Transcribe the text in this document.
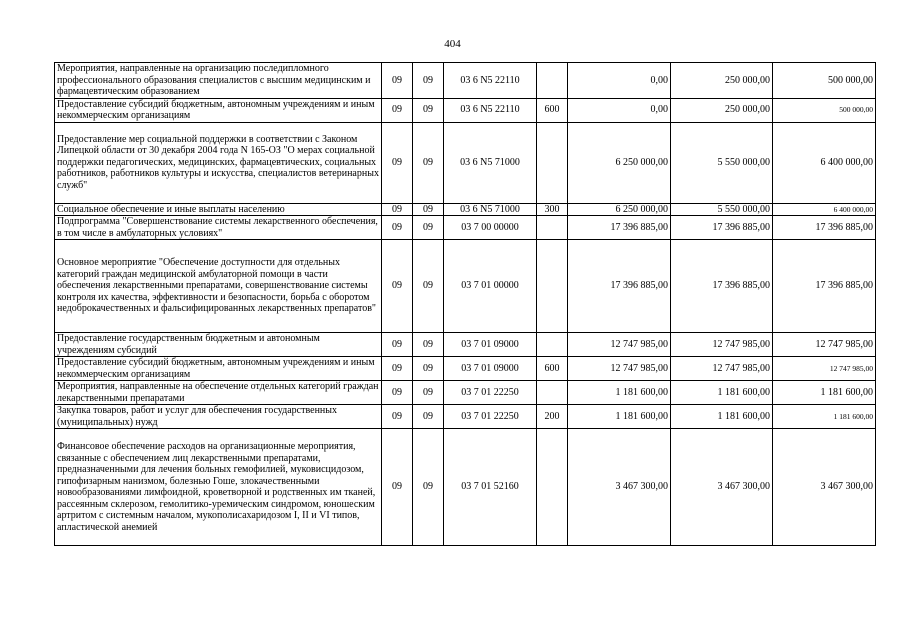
404
Мероприятия, направленные на организацию последипломного профессионального образования специалистов с высшим медицинским и фармацевтическим образованием	09	09	03 6 N5 22110		0,00	250 000,00	500 000,00
Предоставление субсидий бюджетным, автономным учреждениям и иным некоммерческим организациям	09	09	03 6 N5 22110	600	0,00	250 000,00	500 000,00
Предоставление мер социальной поддержки в соответствии с Законом Липецкой области от 30 декабря 2004 года N 165-ОЗ "О мерах социальной поддержки педагогических, медицинских, фармацевтических, социальных работников, работников культуры и искусства, специалистов ветеринарных служб"	09	09	03 6 N5 71000		6 250 000,00	5 550 000,00	6 400 000,00
Социальное обеспечение и иные выплаты населению	09	09	03 6 N5 71000	300	6 250 000,00	5 550 000,00	6 400 000,00
Подпрограмма "Совершенствование системы лекарственного обеспечения, в том числе в амбулаторных условиях"	09	09	03 7 00 00000		17 396 885,00	17 396 885,00	17 396 885,00
Основное мероприятие "Обеспечение доступности для отдельных категорий граждан медицинской амбулаторной помощи в части обеспечения лекарственными препаратами, совершенствование системы контроля их качества, эффективности и безопасности, борьба с оборотом недоброкачественных и фальсифицированных лекарственных препаратов"	09	09	03 7 01 00000		17 396 885,00	17 396 885,00	17 396 885,00
Предоставление государственным бюджетным и автономным учреждениям субсидий	09	09	03 7 01 09000		12 747 985,00	12 747 985,00	12 747 985,00
Предоставление субсидий бюджетным, автономным учреждениям и иным некоммерческим организациям	09	09	03 7 01 09000	600	12 747 985,00	12 747 985,00	12 747 985,00
Мероприятия, направленные на обеспечение отдельных категорий граждан лекарственными препаратами	09	09	03 7 01 22250		1 181 600,00	1 181 600,00	1 181 600,00
Закупка товаров, работ и услуг для обеспечения государственных (муниципальных) нужд	09	09	03 7 01 22250	200	1 181 600,00	1 181 600,00	1 181 600,00
Финансовое обеспечение расходов на организационные мероприятия, связанные с обеспечением лиц лекарственными препаратами, предназначенными для лечения больных гемофилией, муковисцидозом, гипофизарным нанизмом, болезнью Гоше, злокачественными новообразованиями лимфоидной, кроветворной и родственных им тканей, рассеянным склерозом, гемолитико-уремическим синдромом, юношеским артритом с системным началом, мукополисахаридозом I, II и VI типов, апластической анемией	09	09	03 7 01 52160		3 467 300,00	3 467 300,00	3 467 300,00
